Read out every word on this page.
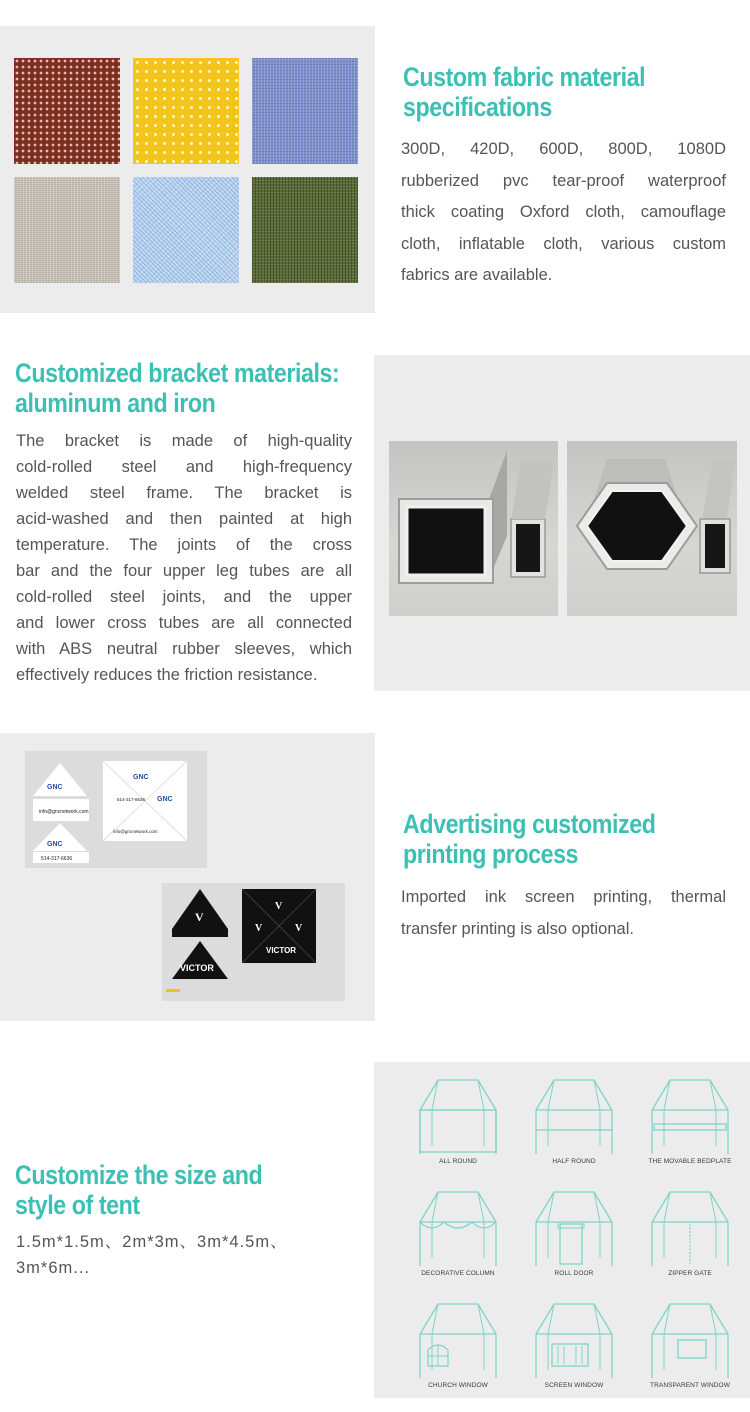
Custom fabric material
specifications
300D, 420D, 600D, 800D, 1080D
rubberized pvc tear-proof waterproof
thick coating Oxford cloth, camouflage
cloth, inflatable cloth, various custom
fabrics are available.
Customized bracket materials:
aluminum and iron
The bracket is made of high-quality
cold-rolled steel and high-frequency
welded steel frame. The bracket is
acid-washed and then painted at high
temperature. The joints of the cross
bar and the four upper leg tubes are all
cold-rolled steel joints, and the upper
and lower cross tubes are all connected
with ABS neutral rubber sleeves, which
effectively reduces the friction resistance.
GNC
info@gncnetwork.com
GNC
514-317-6636
GNC
514-317-6636 GNC
info@gncnetwork.com
V
VICTOR
V
V	V
VICTOR
Advertising customized
printing process
Imported ink screen printing, thermal
transfer printing is also optional.
Customize the size and
style of tent
1.5m*1.5m、2m*3m、3m*4.5m、
3m*6m...
ALL ROUND	HALF ROUND	THE MOVABLE BEDPLATE
DECORATIVE COLUMN	ROLL DOOR	ZIPPER GATE
CHURCH WINDOW	SCREEN WINDOW	TRANSPARENT WINDOW
